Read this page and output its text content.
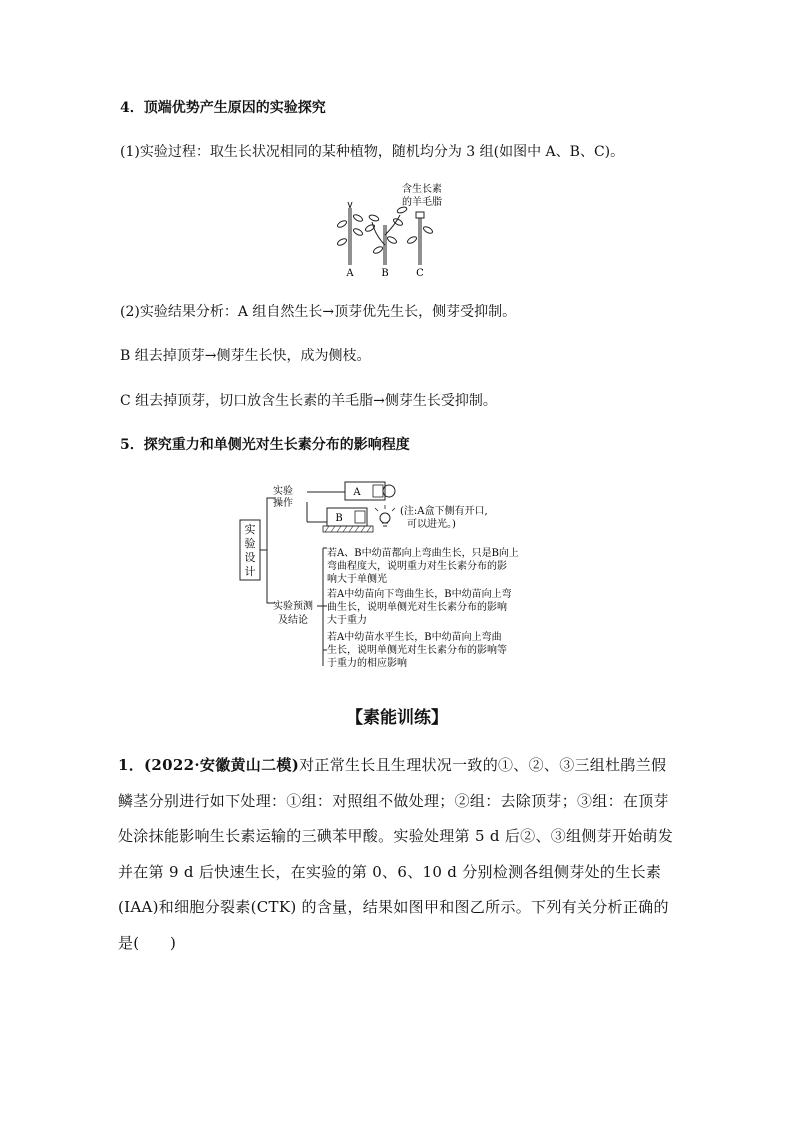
4．顶端优势产生原因的实验探究
(1)实验过程：取生长状况相同的某种植物，随机均分为 3 组(如图中 A、B、C)。
含生长素
的羊毛脂
A	B	C
(2)实验结果分析：A 组自然生长→顶芽优先生长，侧芽受抑制。
B 组去掉顶芽→侧芽生长快，成为侧枝。
C 组去掉顶芽，切口放含生长素的羊毛脂→侧芽生长受抑制。
5．探究重力和单侧光对生长素分布的影响程度
实
验
设
计
实验
操作
A
B
(注:A盒下侧有开口,
可以进光。)
实验预测
及结论
若A、B中幼苗都向上弯曲生长，只是B向上
弯曲程度大，说明重力对生长素分布的影
响大于单侧光
若A中幼苗向下弯曲生长，B中幼苗向上弯
曲生长，说明单侧光对生长素分布的影响
大于重力
若A中幼苗水平生长，B中幼苗向上弯曲
生长，说明单侧光对生长素分布的影响等
于重力的相应影响
【素能训练】
1．(2022·安徽黄山二模)对正常生长且生理状况一致的①、②、③三组杜鹃兰假鳞茎分别进行如下处理：①组：对照组不做处理；②组：去除顶芽；③组：在顶芽处涂抹能影响生长素运输的三碘苯甲酸。实验处理第 5 d 后②、③组侧芽开始萌发并在第 9 d 后快速生长，在实验的第 0、6、10 d 分别检测各组侧芽处的生长素(IAA)和细胞分裂素(CTK) 的含量，结果如图甲和图乙所示。下列有关分析正确的是(　　)
